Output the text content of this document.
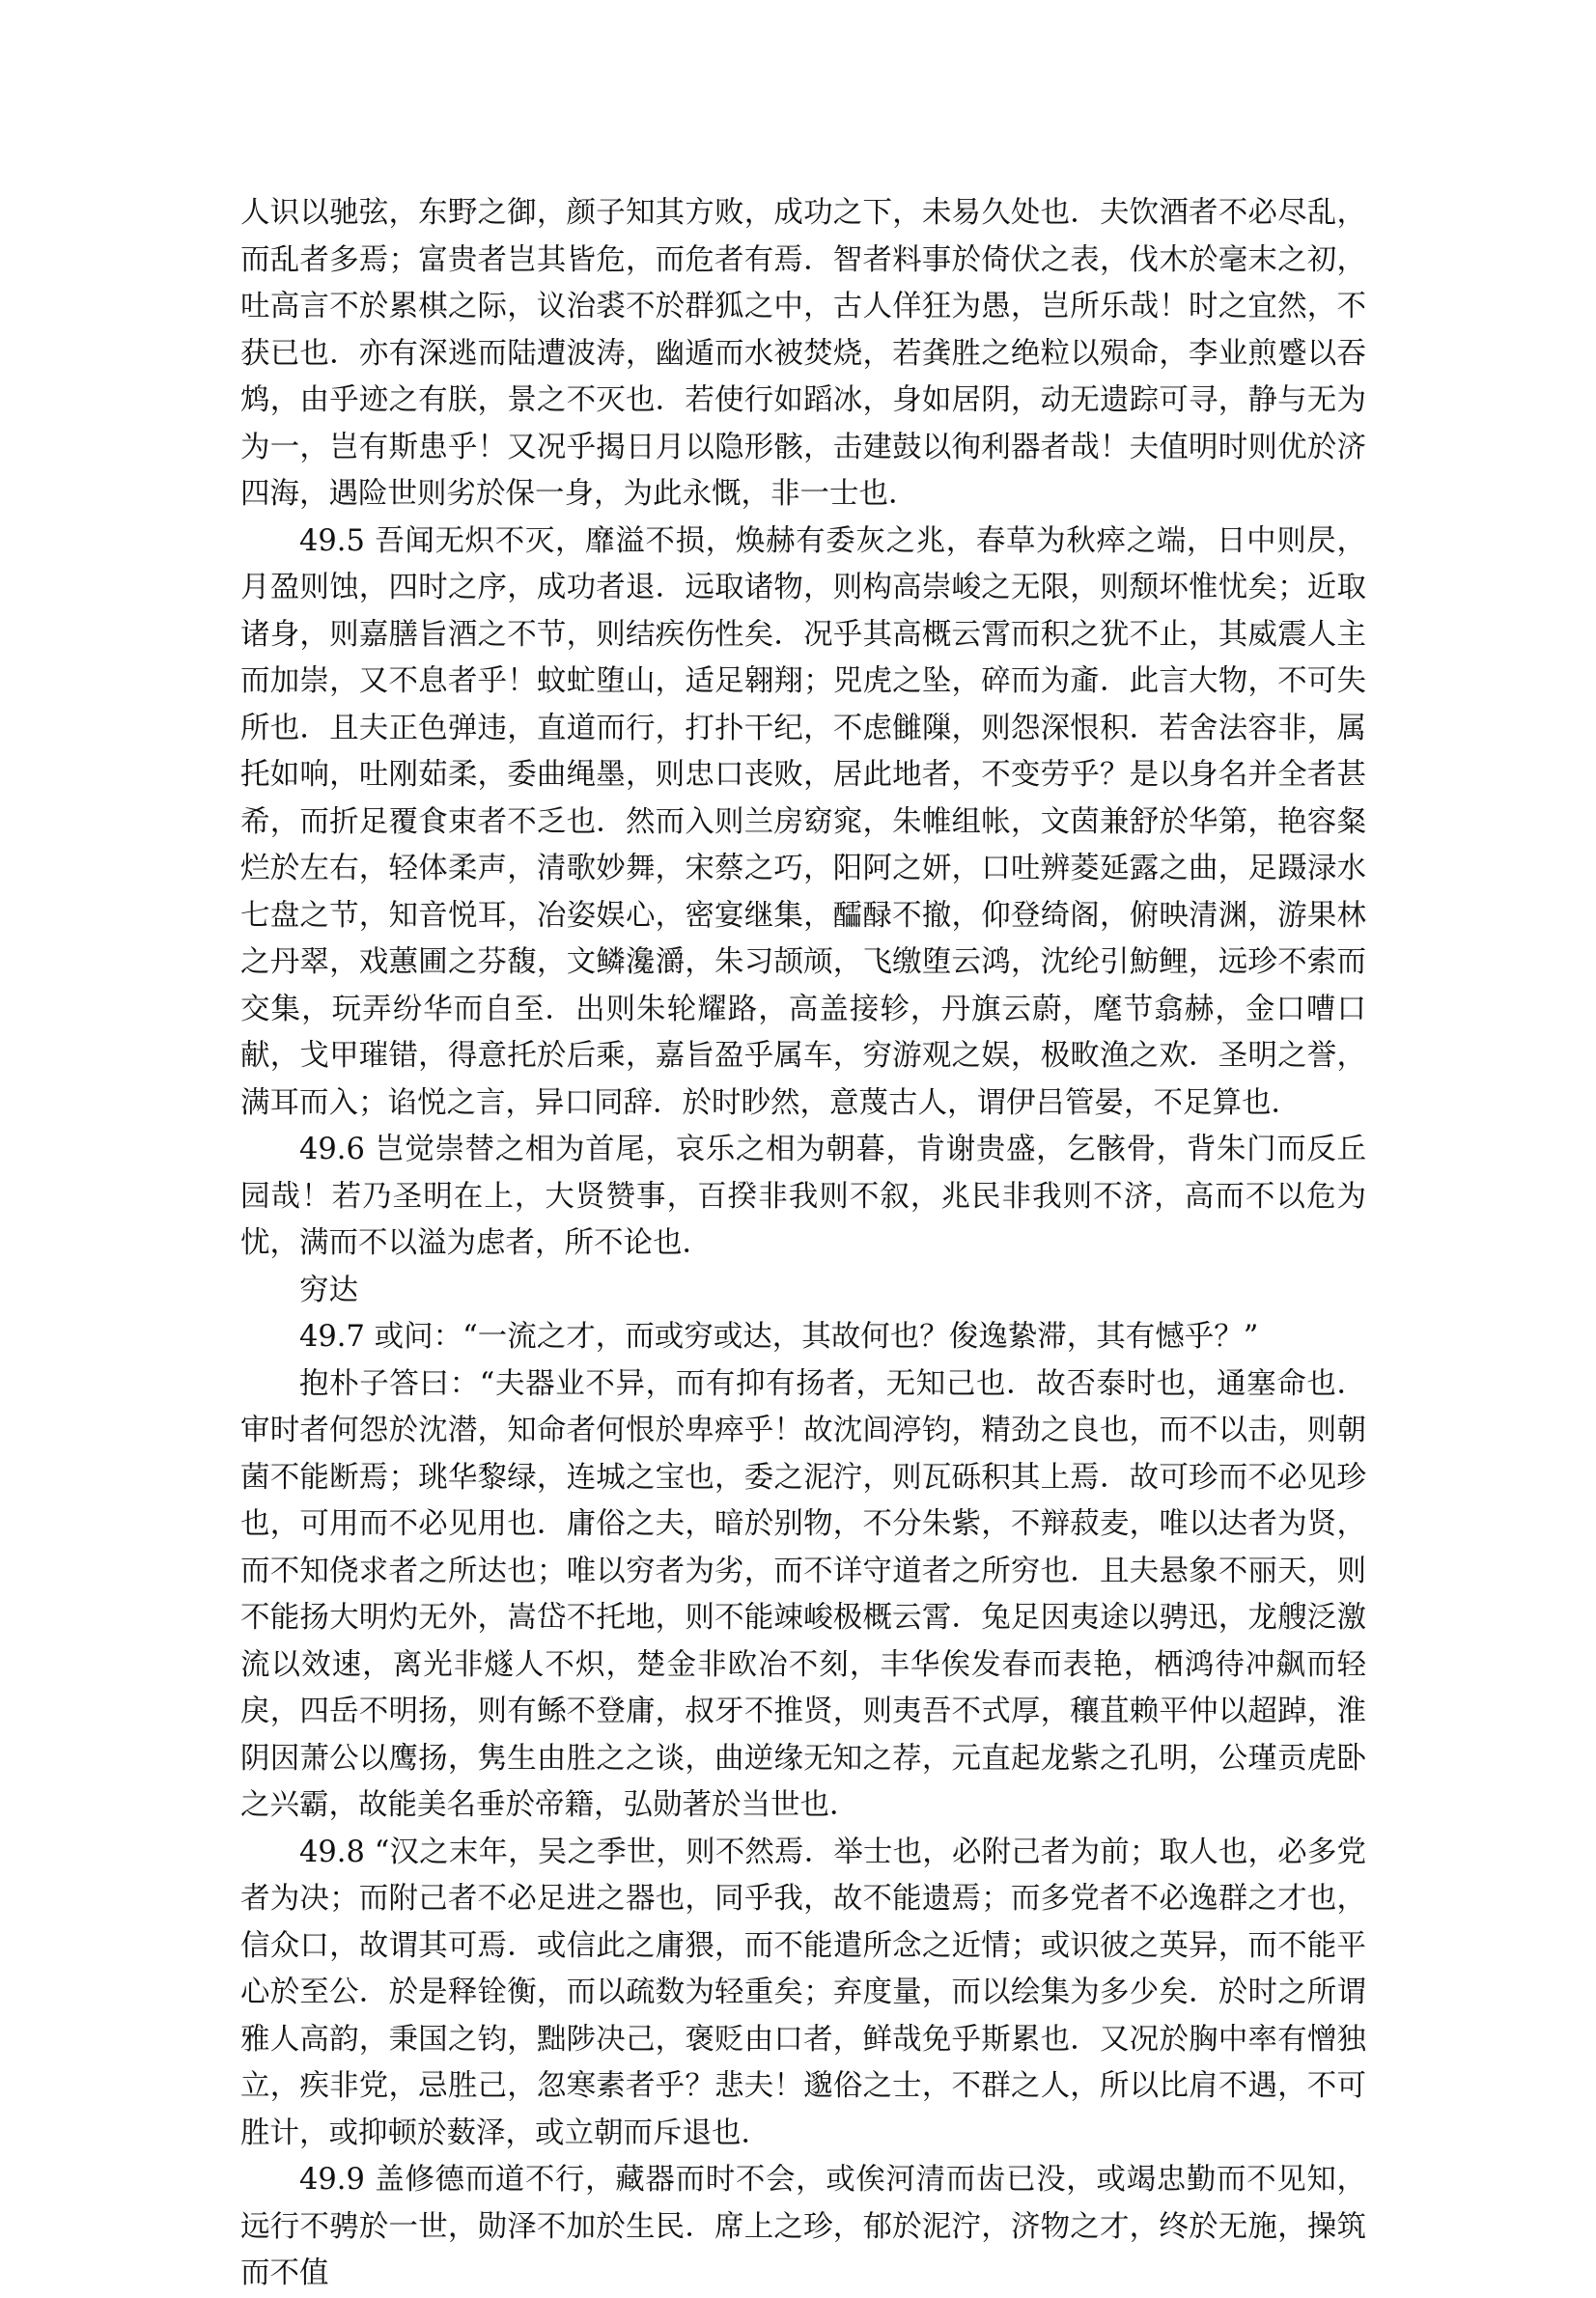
人识以驰弦，东野之御，颜子知其方败，成功之下，未易久处也．夫饮酒者不必尽乱，而乱者多焉；富贵者岂其皆危，而危者有焉．智者料事於倚伏之表，伐木於毫末之初，吐高言不於累棋之际，议治裘不於群狐之中，古人佯狂为愚，岂所乐哉！时之宜然，不获已也．亦有深逃而陆遭波涛，幽遁而水被焚烧，若龚胜之绝粒以殒命，李业煎蹙以吞鸩，由乎迹之有朕，景之不灭也．若使行如蹈冰，身如居阴，动无遗踪可寻，静与无为为一，岂有斯患乎！又况乎揭日月以隐形骸，击建鼓以徇利器者哉！夫值明时则优於济四海，遇险世则劣於保一身，为此永慨，非一士也．

49.5 吾闻无炽不灭，靡溢不损，焕赫有委灰之兆，春草为秋瘁之端，日中则昃，月盈则蚀，四时之序，成功者退．远取诸物，则构高崇峻之无限，则颓坏惟忧矣；近取诸身，则嘉膳旨酒之不节，则结疾伤性矣．况乎其高概云霄而积之犹不止，其威震人主而加崇，又不息者乎！蚊虻堕山，适足翱翔；兕虎之坠，碎而为齑．此言大物，不可失所也．且夫正色弹违，直道而行，打扑干纪，不虑雠隟，则怨深恨积．若舍法容非，属托如响，吐刚茹柔，委曲绳墨，则忠口丧败，居此地者，不变劳乎？是以身名并全者甚希，而折足覆食束者不乏也．然而入则兰房窈窕，朱帷组帐，文茵兼舒於华第，艳容粲烂於左右，轻体柔声，清歌妙舞，宋蔡之巧，阳阿之妍，口吐辨菱延露之曲，足蹑渌水七盘之节，知音悦耳，冶姿娱心，密宴继集，醽醁不撤，仰登绮阁，俯映清渊，游果林之丹翠，戏蕙圃之芬馥，文鳞瀺灂，朱习颉颃，飞缴堕云鸿，沈纶引魴鲤，远珍不索而交集，玩弄纷华而自至．出则朱轮耀路，高盖接轸，丹旗云蔚，麾节翕赫，金口嘈口献，戈甲璀错，得意托於后乘，嘉旨盈乎属车，穷游观之娱，极畋渔之欢．圣明之誉，满耳而入；谄悦之言，异口同辞．於时眇然，意蔑古人，谓伊吕管晏，不足算也．

49.6 岂觉崇替之相为首尾，哀乐之相为朝暮，肯谢贵盛，乞骸骨，背朱门而反丘园哉！若乃圣明在上，大贤赞事，百揆非我则不叙，兆民非我则不济，高而不以危为忧，满而不以溢为虑者，所不论也．

穷达

49.7 或问：“一流之才，而或穷或达，其故何也？俊逸絷滞，其有憾乎？”

抱朴子答曰：“夫器业不异，而有抑有扬者，无知己也．故否泰时也，通塞命也．审时者何怨於沈潜，知命者何恨於卑瘁乎！故沈闾渟钧，精劲之良也，而不以击，则朝菌不能断焉；珧华黎绿，连城之宝也，委之泥泞，则瓦砾积其上焉．故可珍而不必见珍也，可用而不必见用也．庸俗之夫，暗於别物，不分朱紫，不辩菽麦，唯以达者为贤，而不知侥求者之所达也；唯以穷者为劣，而不详守道者之所穷也．且夫悬象不丽天，则不能扬大明灼无外，嵩岱不托地，则不能竦峻极概云霄．兔足因夷途以骋迅，龙艘泛激流以效速，离光非燧人不炽，楚金非欧冶不刻，丰华俟发春而表艳，栖鸿待冲飙而轻戾，四岳不明扬，则有鲧不登庸，叔牙不推贤，则夷吾不式厚，穰苴赖平仲以超踔，淮阴因萧公以鹰扬，隽生由胜之之谈，曲逆缘无知之荐，元直起龙紫之孔明，公瑾贡虎卧之兴霸，故能美名垂於帝籍，弘勋著於当世也．

49.8 “汉之末年，吴之季世，则不然焉．举士也，必附己者为前；取人也，必多党者为决；而附己者不必足进之器也，同乎我，故不能遗焉；而多党者不必逸群之才也，信众口，故谓其可焉．或信此之庸猥，而不能遣所念之近情；或识彼之英异，而不能平心於至公．於是释铨衡，而以疏数为轻重矣；弃度量，而以绘集为多少矣．於时之所谓雅人高韵，秉国之钧，黜陟决己，褒贬由口者，鲜哉免乎斯累也．又况於胸中率有憎独立，疾非党，忌胜己，忽寒素者乎？悲夫！邈俗之士，不群之人，所以比肩不遇，不可胜计，或抑顿於薮泽，或立朝而斥退也．

49.9 盖修德而道不行，藏器而时不会，或俟河清而齿已没，或竭忠勤而不见知，远行不骋於一世，勋泽不加於生民．席上之珍，郁於泥泞，济物之才，终於无施，操筑而不值
